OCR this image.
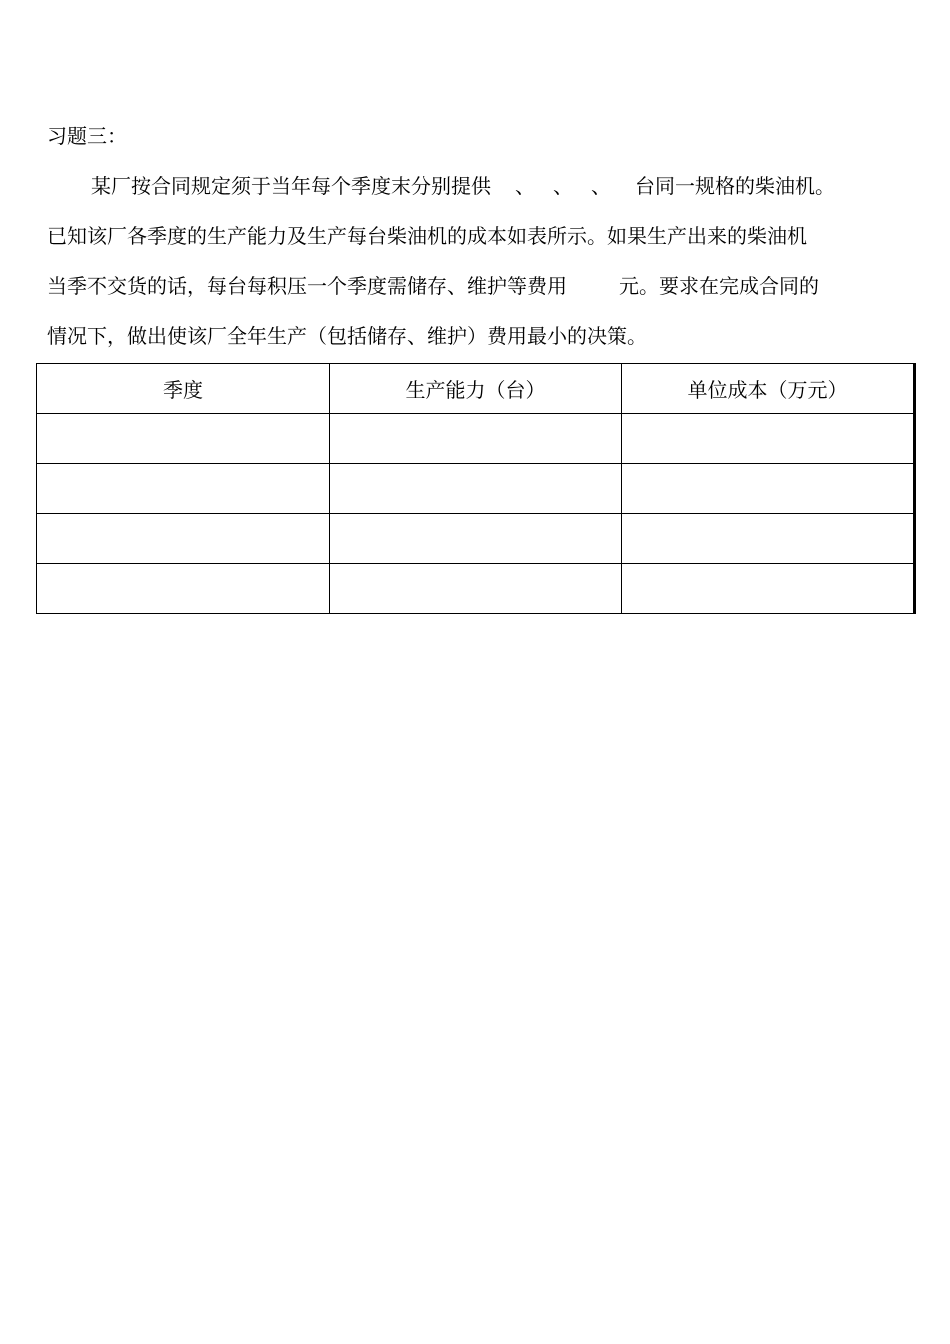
习题三：
某厂按合同规定须于当年每个季度末分别提供 、 、 、 台同一规格的柴油机。
已知该厂各季度的生产能力及生产每台柴油机的成本如表所示。如果生产出来的柴油机
当季不交货的话，每台每积压一个季度需储存、维护等费用	元。要求在完成合同的
情况下，做出使该厂全年生产（包括储存、维护）费用最小的决策。
季度	生产能力（台）	单位成本（万元）
